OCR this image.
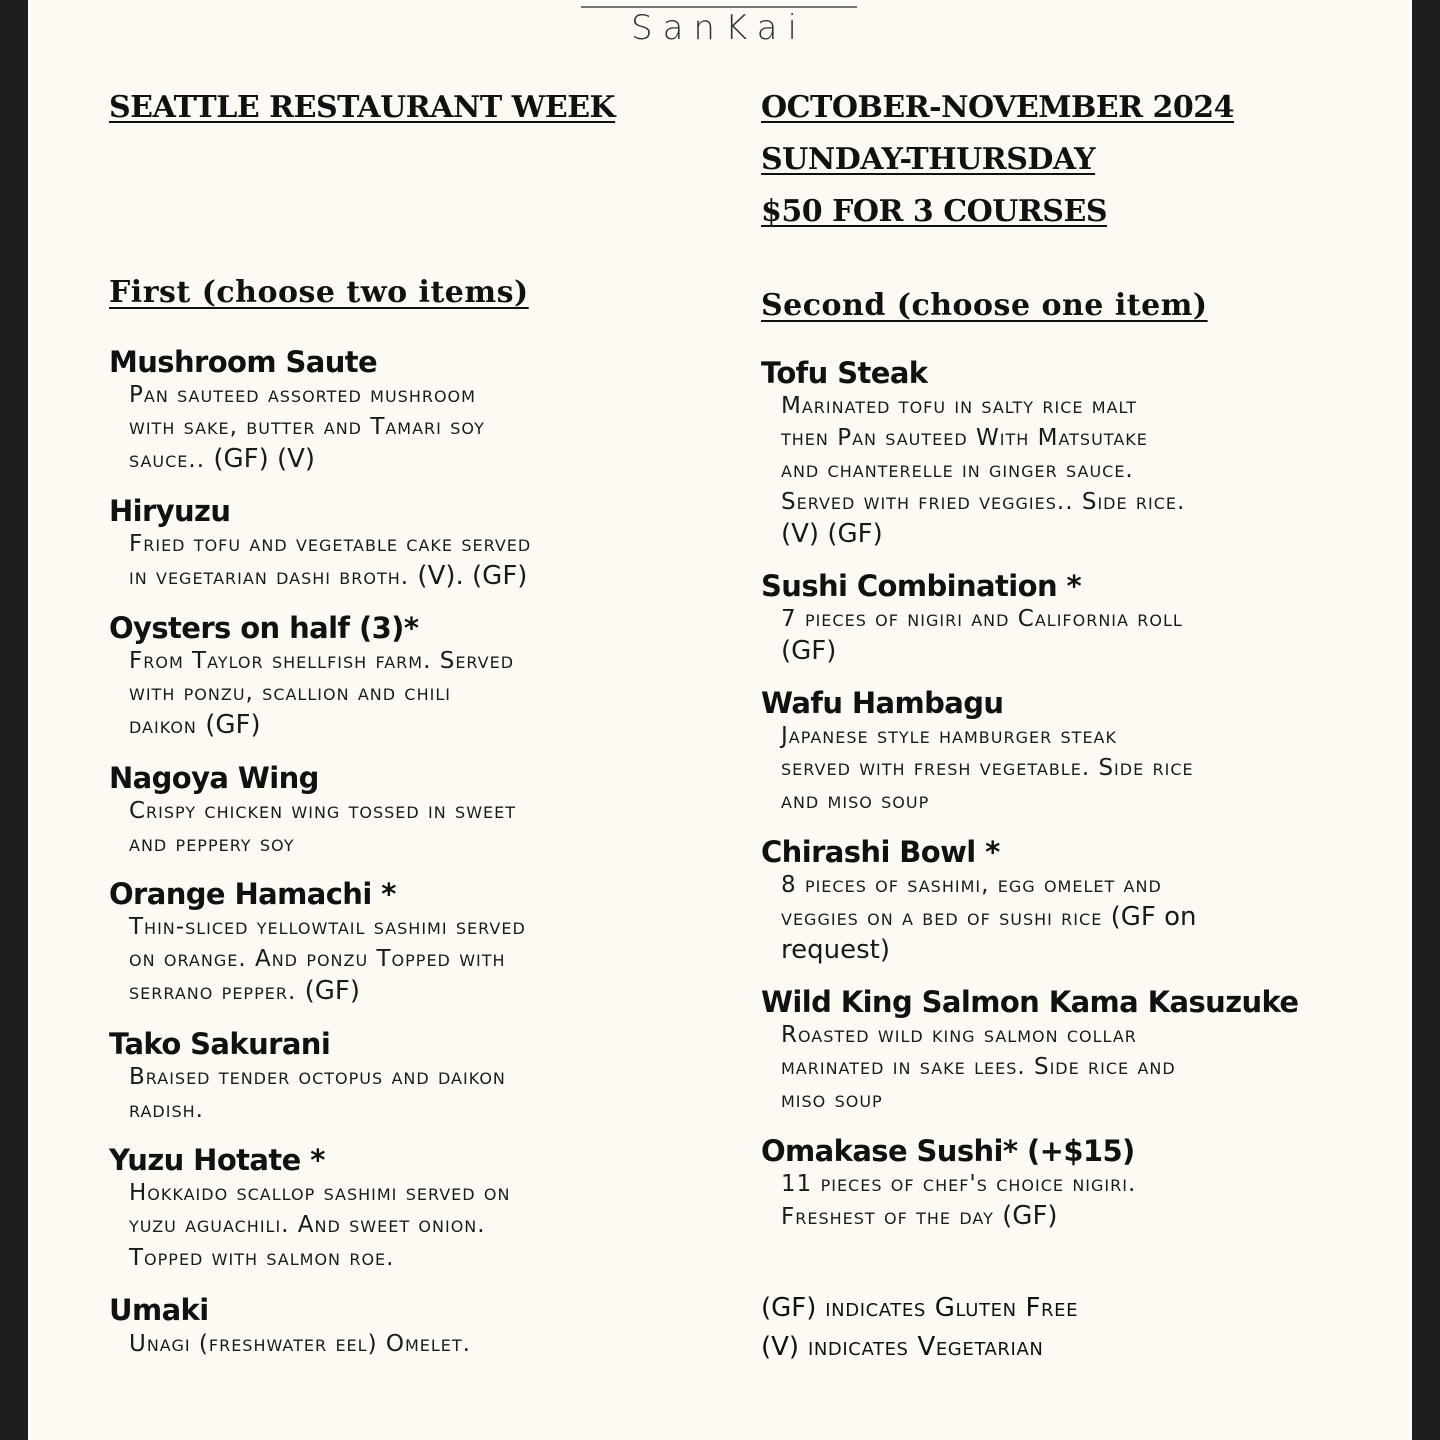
SanKai
SEATTLE RESTAURANT WEEK	OCTOBER-NOVEMBER 2024
SUNDAY-THURSDAY
$50 FOR 3 COURSES
First (choose two items)	Second (choose one item)
Mushroom Saute
Pan sauteed assorted mushroom
with sake, butter and Tamari soy
sauce.. (GF) (V)
Hiryuzu
Fried tofu and vegetable cake served
in vegetarian dashi broth. (V). (GF)
Oysters on half (3)*
From Taylor shellfish farm. Served
with ponzu, scallion and chili
daikon (GF)
Nagoya Wing
Crispy chicken wing tossed in sweet
and peppery soy
Orange Hamachi *
Thin-sliced yellowtail sashimi served
on orange. And ponzu Topped with
serrano pepper. (GF)
Tako Sakurani
Braised tender octopus and daikon
radish.
Yuzu Hotate *
Hokkaido scallop sashimi served on
yuzu aguachili. And sweet onion.
Topped with salmon roe.
Umaki
Unagi (freshwater eel) Omelet.
Tofu Steak
Marinated tofu in salty rice malt
then Pan sauteed With Matsutake
and chanterelle in ginger sauce.
Served with fried veggies.. Side rice.
(V) (GF)
Sushi Combination *
7 pieces of nigiri and California roll
(GF)
Wafu Hambagu
Japanese style hamburger steak
served with fresh vegetable. Side rice
and miso soup
Chirashi Bowl *
8 pieces of sashimi, egg omelet and
veggies on a bed of sushi rice (GF on
request)
Wild King Salmon Kama Kasuzuke
Roasted wild king salmon collar
marinated in sake lees. Side rice and
miso soup
Omakase Sushi* (+$15)
11 pieces of chef's choice nigiri.
Freshest of the day (GF)
(GF) indicates Gluten Free
(V) indicates Vegetarian
